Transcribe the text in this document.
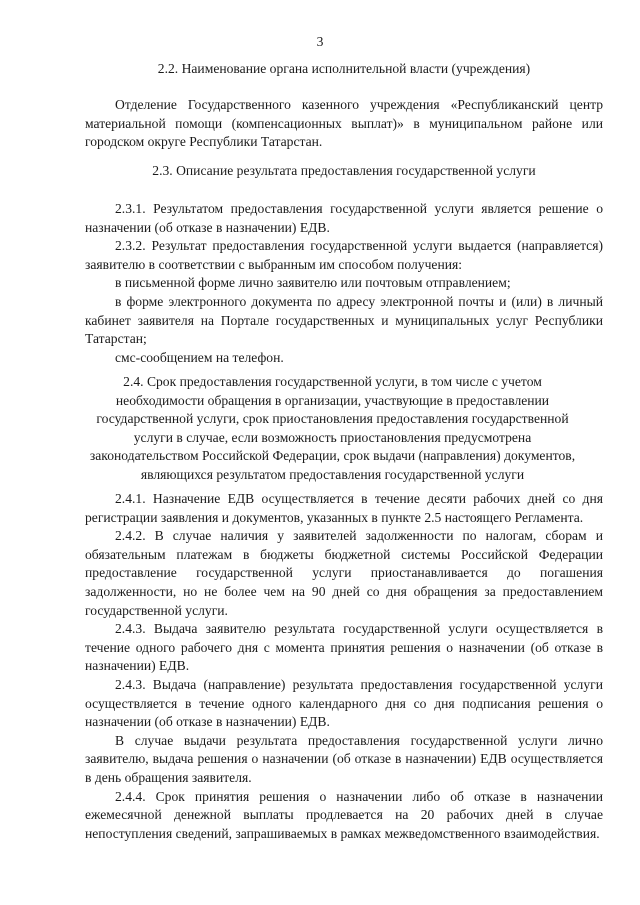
3

2.2. Наименование органа исполнительной власти (учреждения)

Отделение Государственного казенного учреждения «Республиканский центр материальной помощи (компенсационных выплат)» в муниципальном районе или городском округе Республики Татарстан.

2.3. Описание результата предоставления государственной услуги

2.3.1. Результатом предоставления государственной услуги является решение о назначении (об отказе в назначении) ЕДВ.

2.3.2. Результат предоставления государственной услуги выдается (направляется) заявителю в соответствии с выбранным им способом получения:

в письменной форме лично заявителю или почтовым отправлением;

в форме электронного документа по адресу электронной почты и (или) в личный кабинет заявителя на Портале государственных и муниципальных услуг Республики Татарстан;

смс-сообщением на телефон.

2.4. Срок предоставления государственной услуги, в том числе с учетом

необходимости обращения в организации, участвующие в предоставлении

государственной услуги, срок приостановления предоставления государственной

услуги в случае, если возможность приостановления предусмотрена

законодательством Российской Федерации, срок выдачи (направления) документов,

являющихся результатом предоставления государственной услуги

2.4.1. Назначение ЕДВ осуществляется в течение десяти рабочих дней со дня регистрации заявления и документов, указанных в пункте 2.5 настоящего Регламента.

2.4.2. В случае наличия у заявителей задолженности по налогам, сборам и обязательным платежам в бюджеты бюджетной системы Российской Федерации предоставление государственной услуги приостанавливается до погашения задолженности, но не более чем на 90 дней со дня обращения за предоставлением государственной услуги.

2.4.3. Выдача заявителю результата государственной услуги осуществляется в течение одного рабочего дня с момента принятия решения о назначении (об отказе в назначении) ЕДВ.

2.4.3. Выдача (направление) результата предоставления государственной услуги осуществляется в течение одного календарного дня со дня подписания решения о назначении (об отказе в назначении) ЕДВ.

В случае выдачи результата предоставления государственной услуги лично заявителю, выдача решения о назначении (об отказе в назначении) ЕДВ осуществляется в день обращения заявителя.

2.4.4. Срок принятия решения о назначении либо об отказе в назначении ежемесячной денежной выплаты продлевается на 20 рабочих дней в случае непоступления сведений, запрашиваемых в рамках межведомственного взаимодействия.
